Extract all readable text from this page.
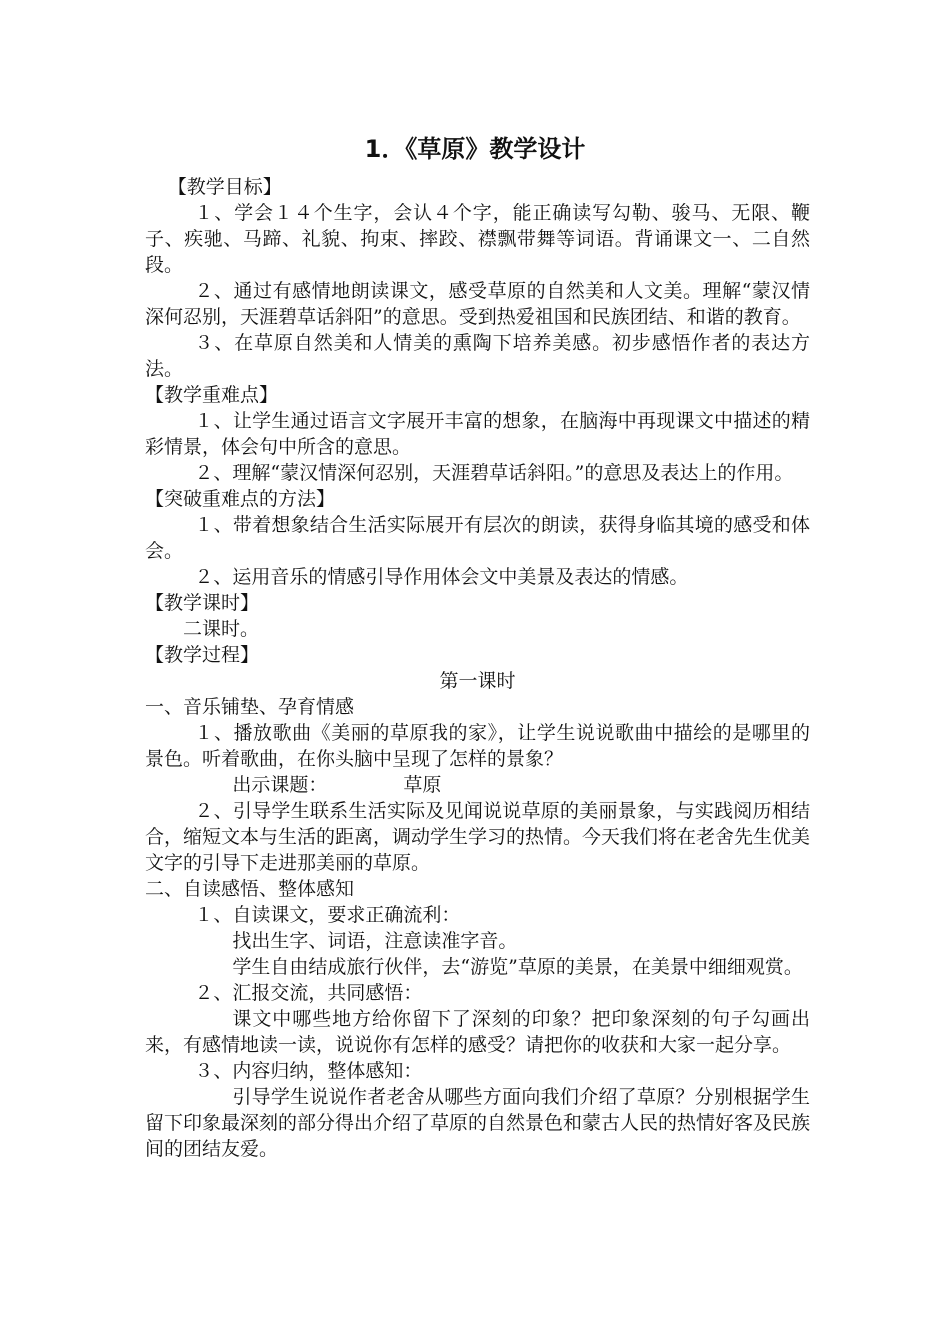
1．《草原》教学设计

【教学目标】

１、学会１４个生字，会认４个字，能正确读写勾勒、骏马、无限、鞭子、疾驰、马蹄、礼貌、拘束、摔跤、襟飘带舞等词语。背诵课文一、二自然段。

２、通过有感情地朗读课文，感受草原的自然美和人文美。理解“蒙汉情深何忍别，天涯碧草话斜阳”的意思。受到热爱祖国和民族团结、和谐的教育。

３、在草原自然美和人情美的熏陶下培养美感。初步感悟作者的表达方法。

【教学重难点】

１、让学生通过语言文字展开丰富的想象，在脑海中再现课文中描述的精彩情景，体会句中所含的意思。

２、理解“蒙汉情深何忍别，天涯碧草话斜阳。”的意思及表达上的作用。

【突破重难点的方法】

１、带着想象结合生活实际展开有层次的朗读，获得身临其境的感受和体会。

２、运用音乐的情感引导作用体会文中美景及表达的情感。

【教学课时】

二课时。

【教学过程】

第一课时

一、音乐铺垫、孕育情感

１、播放歌曲《美丽的草原我的家》，让学生说说歌曲中描绘的是哪里的景色。听着歌曲，在你头脑中呈现了怎样的景象？

出示课题：	草原

２、引导学生联系生活实际及见闻说说草原的美丽景象，与实践阅历相结合，缩短文本与生活的距离，调动学生学习的热情。今天我们将在老舍先生优美文字的引导下走进那美丽的草原。

二、自读感悟、整体感知

１、自读课文，要求正确流利：

找出生字、词语，注意读准字音。

学生自由结成旅行伙伴，去“游览”草原的美景，在美景中细细观赏。

２、汇报交流，共同感悟：

课文中哪些地方给你留下了深刻的印象？把印象深刻的句子勾画出来，有感情地读一读，说说你有怎样的感受？请把你的收获和大家一起分享。

３、内容归纳，整体感知：

引导学生说说作者老舍从哪些方面向我们介绍了草原？分别根据学生留下印象最深刻的部分得出介绍了草原的自然景色和蒙古人民的热情好客及民族间的团结友爱。
